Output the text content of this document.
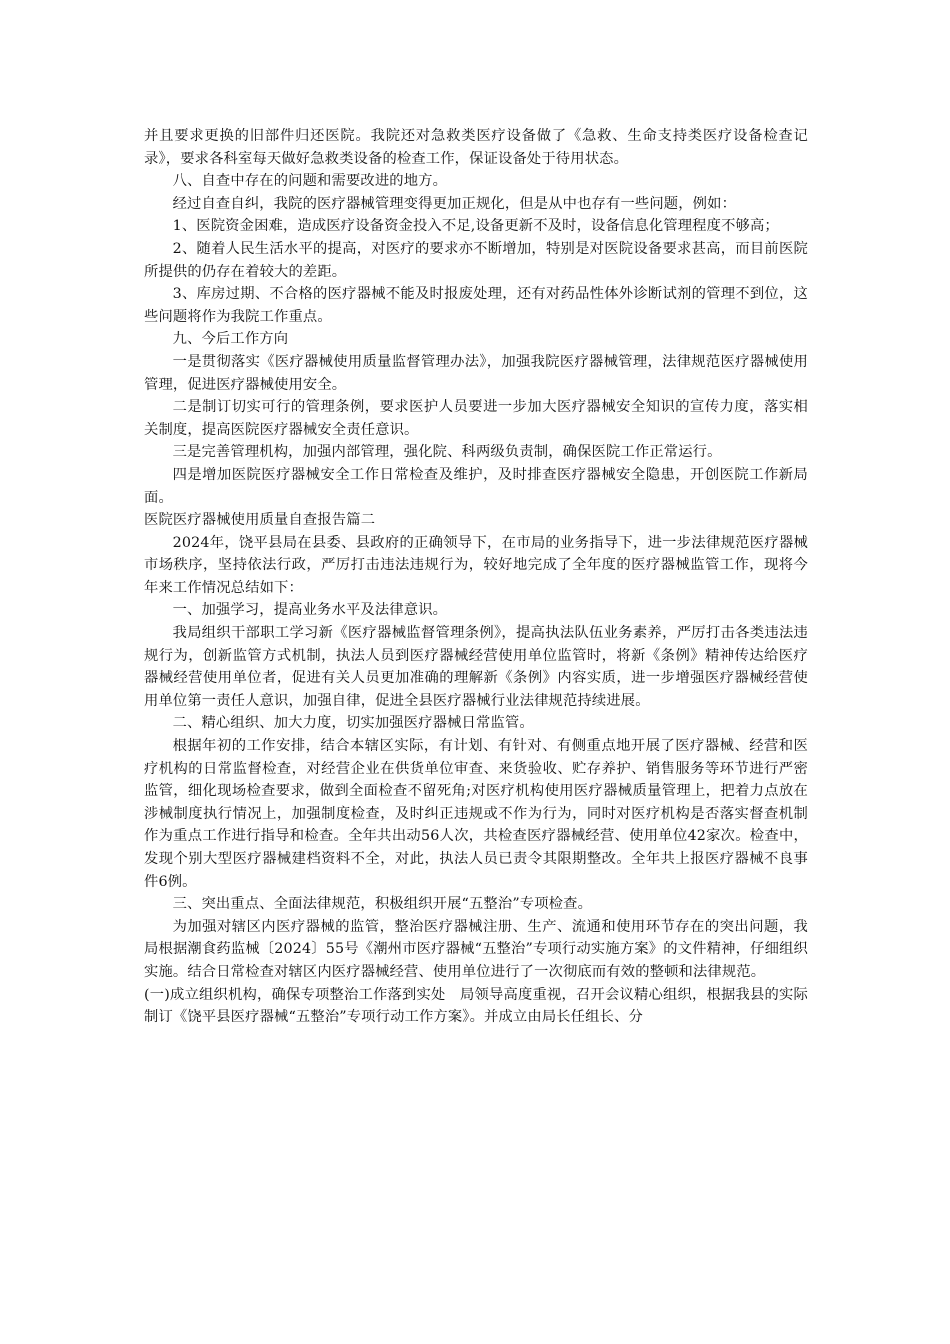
并且要求更换的旧部件归还医院。我院还对急救类医疗设备做了《急救、生命支持类医疗设备检查记录》，要求各科室每天做好急救类设备的检查工作，保证设备处于待用状态。

八、自查中存在的问题和需要改进的地方。

经过自查自纠，我院的医疗器械管理变得更加正规化，但是从中也存有一些问题，例如：

1、医院资金困难，造成医疗设备资金投入不足,设备更新不及时，设备信息化管理程度不够高；

2、随着人民生活水平的提高，对医疗的要求亦不断增加，特别是对医院设备要求甚高，而目前医院所提供的仍存在着较大的差距。

3、库房过期、不合格的医疗器械不能及时报废处理，还有对药品性体外诊断试剂的管理不到位，这些问题将作为我院工作重点。

九、今后工作方向

一是贯彻落实《医疗器械使用质量监督管理办法》，加强我院医疗器械管理，法律规范医疗器械使用管理，促进医疗器械使用安全。

二是制订切实可行的管理条例，要求医护人员要进一步加大医疗器械安全知识的宣传力度，落实相关制度，提高医院医疗器械安全责任意识。

三是完善管理机构，加强内部管理，强化院、科两级负责制，确保医院工作正常运行。

四是增加医院医疗器械安全工作日常检查及维护，及时排查医疗器械安全隐患，开创医院工作新局面。

医院医疗器械使用质量自查报告篇二

2024年，饶平县局在县委、县政府的正确领导下，在市局的业务指导下，进一步法律规范医疗器械市场秩序，坚持依法行政，严厉打击违法违规行为，较好地完成了全年度的医疗器械监管工作，现将今年来工作情况总结如下：

一、加强学习，提高业务水平及法律意识。

我局组织干部职工学习新《医疗器械监督管理条例》，提高执法队伍业务素养，严厉打击各类违法违规行为，创新监管方式机制，执法人员到医疗器械经营使用单位监管时，将新《条例》精神传达给医疗器械经营使用单位者，促进有关人员更加准确的理解新《条例》内容实质，进一步增强医疗器械经营使用单位第一责任人意识，加强自律，促进全县医疗器械行业法律规范持续进展。

二、精心组织、加大力度，切实加强医疗器械日常监管。

根据年初的工作安排，结合本辖区实际，有计划、有针对、有侧重点地开展了医疗器械、经营和医疗机构的日常监督检查，对经营企业在供货单位审查、来货验收、贮存养护、销售服务等环节进行严密监管，细化现场检查要求，做到全面检查不留死角;对医疗机构使用医疗器械质量管理上，把着力点放在涉械制度执行情况上，加强制度检查，及时纠正违规或不作为行为，同时对医疗机构是否落实督查机制作为重点工作进行指导和检查。全年共出动56人次，共检查医疗器械经营、使用单位42家次。检查中，发现个别大型医疗器械建档资料不全，对此，执法人员已责令其限期整改。全年共上报医疗器械不良事件6例。

三、突出重点、全面法律规范，积极组织开展“五整治”专项检查。

为加强对辖区内医疗器械的监管，整治医疗器械注册、生产、流通和使用环节存在的突出问题，我局根据潮食药监械〔2024〕55号《潮州市医疗器械“五整治”专项行动实施方案》的文件精神，仔细组织实施。结合日常检查对辖区内医疗器械经营、使用单位进行了一次彻底而有效的整顿和法律规范。

(一)成立组织机构，确保专项整治工作落到实处　局领导高度重视，召开会议精心组织，根据我县的实际制订《饶平县医疗器械“五整治”专项行动工作方案》。并成立由局长任组长、分
